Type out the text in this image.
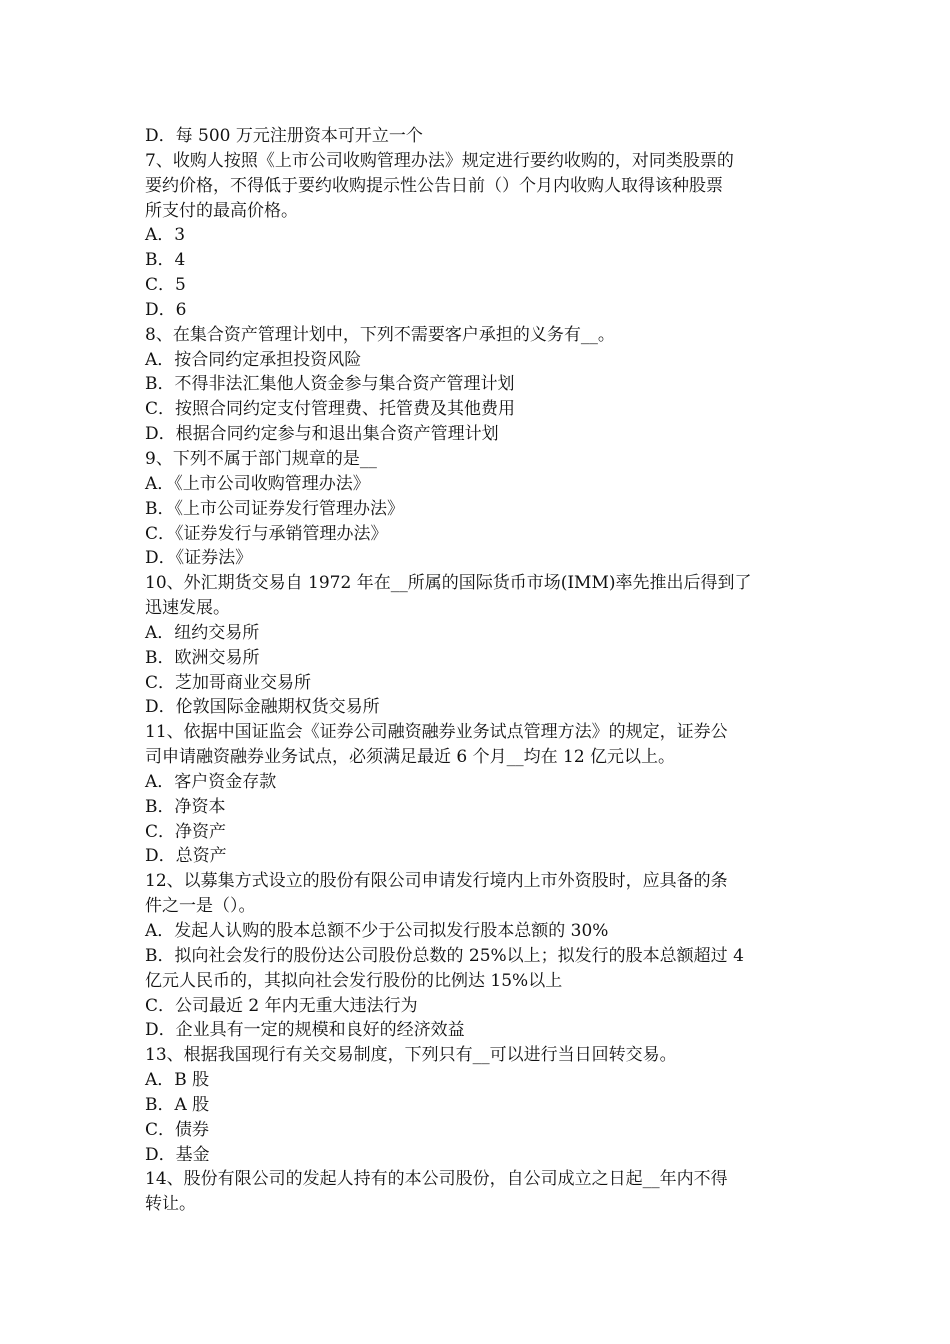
D．每 500 万元注册资本可开立一个
7、收购人按照《上市公司收购管理办法》规定进行要约收购的，对同类股票的
要约价格，不得低于要约收购提示性公告日前（）个月内收购人取得该种股票
所支付的最高价格。
A．3
B．4
C．5
D．6
8、在集合资产管理计划中，下列不需要客户承担的义务有__。
A．按合同约定承担投资风险
B．不得非法汇集他人资金参与集合资产管理计划
C．按照合同约定支付管理费、托管费及其他费用
D．根据合同约定参与和退出集合资产管理计划
9、下列不属于部门规章的是__
A．《上市公司收购管理办法》
B．《上市公司证券发行管理办法》
C．《证券发行与承销管理办法》
D．《证券法》
10、外汇期货交易自 1972 年在__所属的国际货币市场(IMM)率先推出后得到了
迅速发展。
A．纽约交易所
B．欧洲交易所
C．芝加哥商业交易所
D．伦敦国际金融期权货交易所
11、依据中国证监会《证券公司融资融券业务试点管理方法》的规定，证券公
司申请融资融券业务试点，必须满足最近 6 个月__均在 12 亿元以上。
A．客户资金存款
B．净资本
C．净资产
D．总资产
12、以募集方式设立的股份有限公司申请发行境内上市外资股时，应具备的条
件之一是（）。
A．发起人认购的股本总额不少于公司拟发行股本总额的 30%
B．拟向社会发行的股份达公司股份总数的 25%以上；拟发行的股本总额超过 4
亿元人民币的，其拟向社会发行股份的比例达 15%以上
C．公司最近 2 年内无重大违法行为
D．企业具有一定的规模和良好的经济效益
13、根据我国现行有关交易制度，下列只有__可以进行当日回转交易。
A．B 股
B．A 股
C．债券
D．基金
14、股份有限公司的发起人持有的本公司股份，自公司成立之日起__年内不得
转让。
